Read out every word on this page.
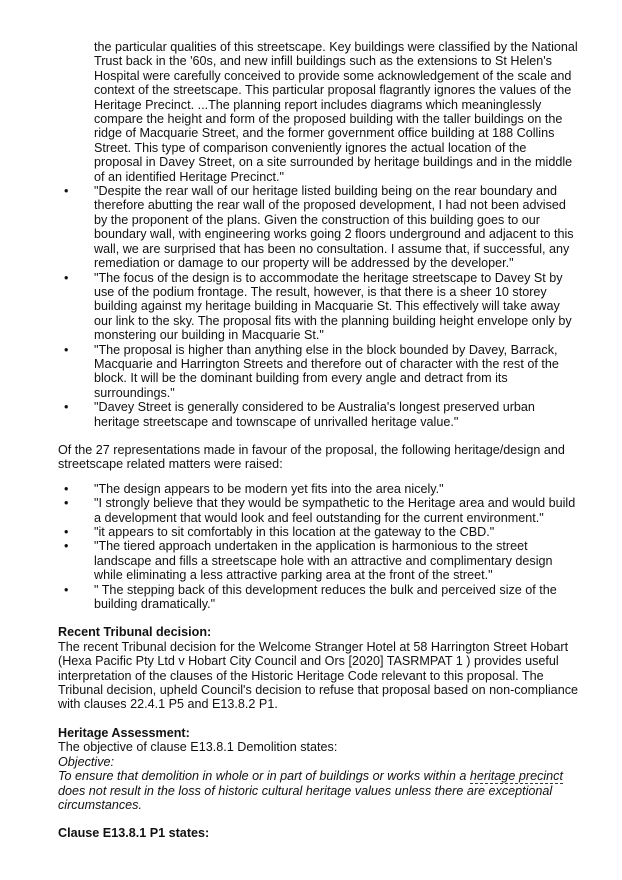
the particular qualities of this streetscape. Key buildings were classified by the National Trust back in the '60s, and new infill buildings such as the extensions to St Helen's Hospital were carefully conceived to provide some acknowledgement of the scale and context of the streetscape. This particular proposal flagrantly ignores the values of the Heritage Precinct. ...The planning report includes diagrams which meaninglessly compare the height and form of the proposed building with the taller buildings on the ridge of Macquarie Street, and the former government office building at 188 Collins Street. This type of comparison conveniently ignores the actual location of the proposal in Davey Street, on a site surrounded by heritage buildings and in the middle of an identified Heritage Precinct."

• "Despite the rear wall of our heritage listed building being on the rear boundary and therefore abutting the rear wall of the proposed development, I had not been advised by the proponent of the plans. Given the construction of this building goes to our boundary wall, with engineering works going 2 floors underground and adjacent to this wall, we are surprised that has been no consultation. I assume that, if successful, any remediation or damage to our property will be addressed by the developer."
• "The focus of the design is to accommodate the heritage streetscape to Davey St by use of the podium frontage. The result, however, is that there is a sheer 10 storey building against my heritage building in Macquarie St. This effectively will take away our link to the sky. The proposal fits with the planning building height envelope only by monstering our building in Macquarie St."
• "The proposal is higher than anything else in the block bounded by Davey, Barrack, Macquarie and Harrington Streets and therefore out of character with the rest of the block. It will be the dominant building from every angle and detract from its surroundings."
• "Davey Street is generally considered to be Australia's longest preserved urban heritage streetscape and townscape of unrivalled heritage value."

Of the 27 representations made in favour of the proposal, the following heritage/design and streetscape related matters were raised:

• "The design appears to be modern yet fits into the area nicely."
• "I strongly believe that they would be sympathetic to the Heritage area and would build a development that would look and feel outstanding for the current environment."
• "it appears to sit comfortably in this location at the gateway to the CBD."
• "The tiered approach undertaken in the application is harmonious to the street landscape and fills a streetscape hole with an attractive and complimentary design while eliminating a less attractive parking area at the front of the street."
• " The stepping back of this development reduces the bulk and perceived size of the building dramatically."

Recent Tribunal decision:

The recent Tribunal decision for the Welcome Stranger Hotel at 58 Harrington Street Hobart (Hexa Pacific Pty Ltd v Hobart City Council and Ors [2020] TASRMPAT 1 ) provides useful interpretation of the clauses of the Historic Heritage Code relevant to this proposal. The Tribunal decision, upheld Council's decision to refuse that proposal based on non-compliance with clauses 22.4.1 P5 and E13.8.2 P1.

Heritage Assessment:

The objective of clause E13.8.1 Demolition states:

Objective:

To ensure that demolition in whole or in part of buildings or works within a heritage precinct does not result in the loss of historic cultural heritage values unless there are exceptional circumstances.

Clause E13.8.1 P1 states:
